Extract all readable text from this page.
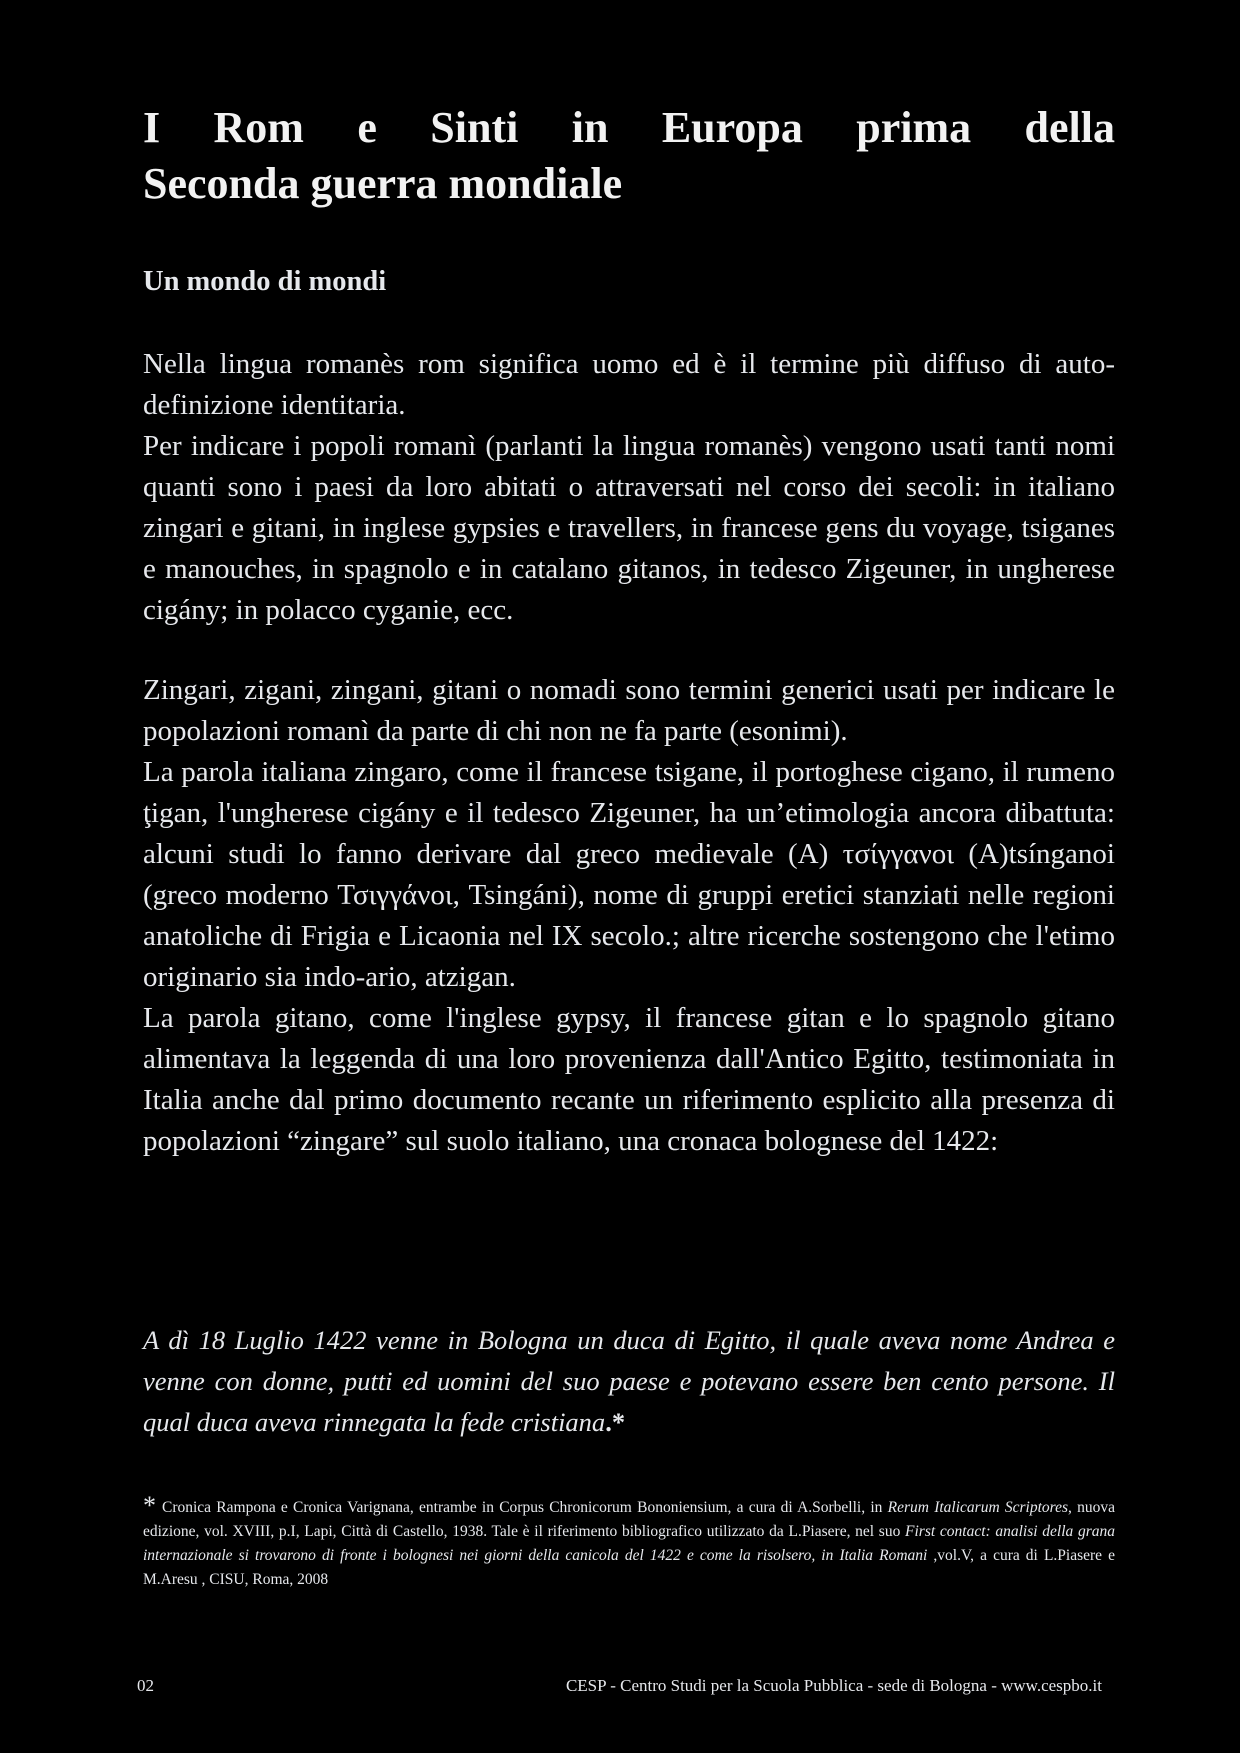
I Rom e Sinti in Europa prima della
Seconda guerra mondiale
Un mondo di mondi

Nella lingua romanès rom significa uomo ed è il termine più diffuso di auto-definizione identitaria.

Per indicare i popoli romanì (parlanti la lingua romanès) vengono usati tanti nomi quanti sono i paesi da loro abitati o attraversati nel corso dei secoli: in italiano zingari e gitani, in inglese gypsies e travellers, in francese gens du voyage, tsiganes e manouches, in spagnolo e in catalano gitanos, in tedesco Zigeuner, in ungherese cigány; in polacco cyganie, ecc.

Zingari, zigani, zingani, gitani o nomadi sono termini generici usati per indicare le popolazioni romanì da parte di chi non ne fa parte (esonimi).

La parola italiana zingaro, come il francese tsigane, il portoghese cigano, il rumeno ţigan, l'ungherese cigány e il tedesco Zigeuner, ha un’etimologia ancora dibattuta: alcuni studi lo fanno derivare dal greco medievale (A) τσίγγανοι (A)tsínganoi (greco moderno Τσιγγάνοι, Tsingáni), nome di gruppi eretici stanziati nelle regioni anatoliche di Frigia e Licaonia nel IX secolo.; altre ricerche sostengono che l'etimo originario sia indo-ario, atzigan.

La parola gitano, come l'inglese gypsy, il francese gitan e lo spagnolo gitano alimentava la leggenda di una loro provenienza dall'Antico Egitto, testimoniata in Italia anche dal primo documento recante un riferimento esplicito alla presenza di popolazioni “zingare” sul suolo italiano, una cronaca bolognese del 1422:

A dì 18 Luglio 1422 venne in Bologna un duca di Egitto, il quale aveva nome Andrea e venne con donne, putti ed uomini del suo paese e potevano essere ben cento persone. Il qual duca aveva rinnegata la fede cristiana.*

* Cronica Rampona e Cronica Varignana, entrambe in Corpus Chronicorum Bononiensium, a cura di A.Sorbelli, in Rerum Italicarum Scriptores, nuova edizione, vol. XVIII, p.I, Lapi, Città di Castello, 1938. Tale è il riferimento bibliografico utilizzato da L.Piasere, nel suo First contact: analisi della grana internazionale si trovarono di fronte i bolognesi nei giorni della canicola del 1422 e come la risolsero, in Italia Romani ,vol.V, a cura di L.Piasere e M.Aresu , CISU, Roma, 2008

02	CESP - Centro Studi per la Scuola Pubblica - sede di Bologna - www.cespbo.it
